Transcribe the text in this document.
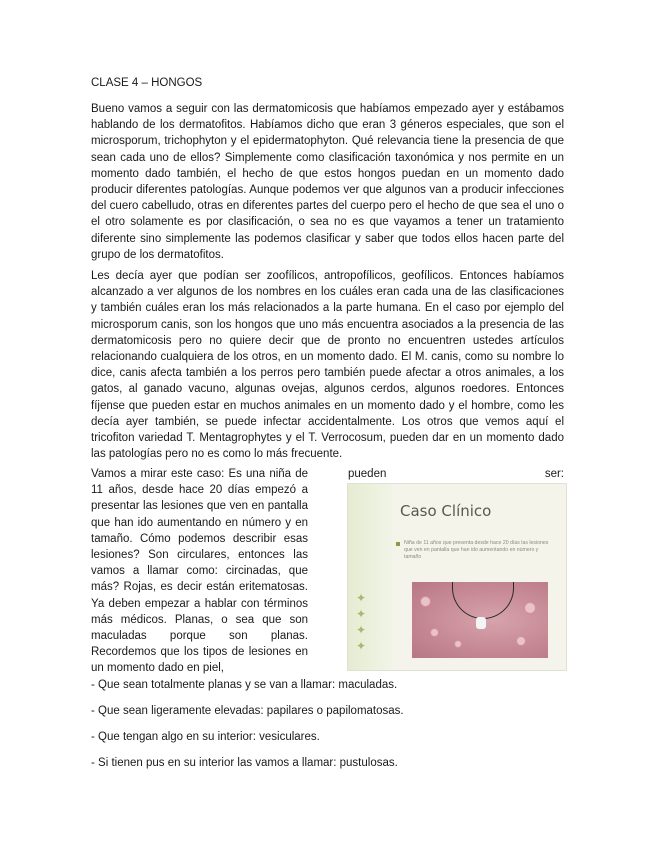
CLASE 4 – HONGOS

Bueno vamos a seguir con las dermatomicosis que habíamos empezado ayer y estábamos hablando de los dermatofitos. Habíamos dicho que eran 3 géneros especiales, que son el microsporum, trichophyton y el epidermatophyton. Qué relevancia tiene la presencia de que sean cada uno de ellos? Simplemente como clasificación taxonómica y nos permite en un momento dado también, el hecho de que estos hongos puedan en un momento dado producir diferentes patologías. Aunque podemos ver que algunos van a producir infecciones del cuero cabelludo, otras en diferentes partes del cuerpo pero el hecho de que sea el uno o el otro solamente es por clasificación, o sea no es que vayamos a tener un tratamiento diferente sino simplemente las podemos clasificar y saber que todos ellos hacen parte del grupo de los dermatofitos.

Les decía ayer que podían ser zoofílicos, antropofílicos, geofílicos. Entonces habíamos alcanzado a ver algunos de los nombres en los cuáles eran cada una de las clasificaciones y también cuáles eran los más relacionados a la parte humana. En el caso por ejemplo del microsporum canis, son los hongos que uno más encuentra asociados a la presencia de las dermatomicosis pero no quiere decir que de pronto no encuentren ustedes artículos relacionando cualquiera de los otros, en un momento dado. El M. canis, como su nombre lo dice, canis afecta también a los perros pero también puede afectar a otros animales, a los gatos, al ganado vacuno, algunas ovejas, algunos cerdos, algunos roedores. Entonces fíjense que pueden estar en muchos animales en un momento dado y el hombre, como les decía ayer también, se puede infectar accidentalmente. Los otros que vemos aquí el tricofiton variedad T. Mentagrophytes y el T. Verrocosum, pueden dar en un momento dado las patologías pero no es como lo más frecuente.

Vamos a mirar este caso: Es una niña de 11 años, desde hace 20 días empezó a presentar las lesiones que ven en pantalla que han ido aumentando en número y en tamaño. Cómo podemos describir esas lesiones? Son circulares, entonces las vamos a llamar como: circinadas, que más? Rojas, es decir están eritematosas. Ya deben empezar a hablar con términos más médicos. Planas, o sea que son maculadas porque son planas. Recordemos que los tipos de lesiones en un momento dado en piel,

pueden	ser:
✦
✦
✦
✦
Caso Clínico
Niña de 11 años que presenta desde hace 20 días las lesiones que ven en pantalla que han ido aumentando en número y tamaño

- Que sean totalmente planas y se van a llamar: maculadas.

- Que sean ligeramente elevadas: papilares o papilomatosas.

- Que tengan algo en su interior: vesiculares.

- Si tienen pus en su interior las vamos a llamar: pustulosas.
